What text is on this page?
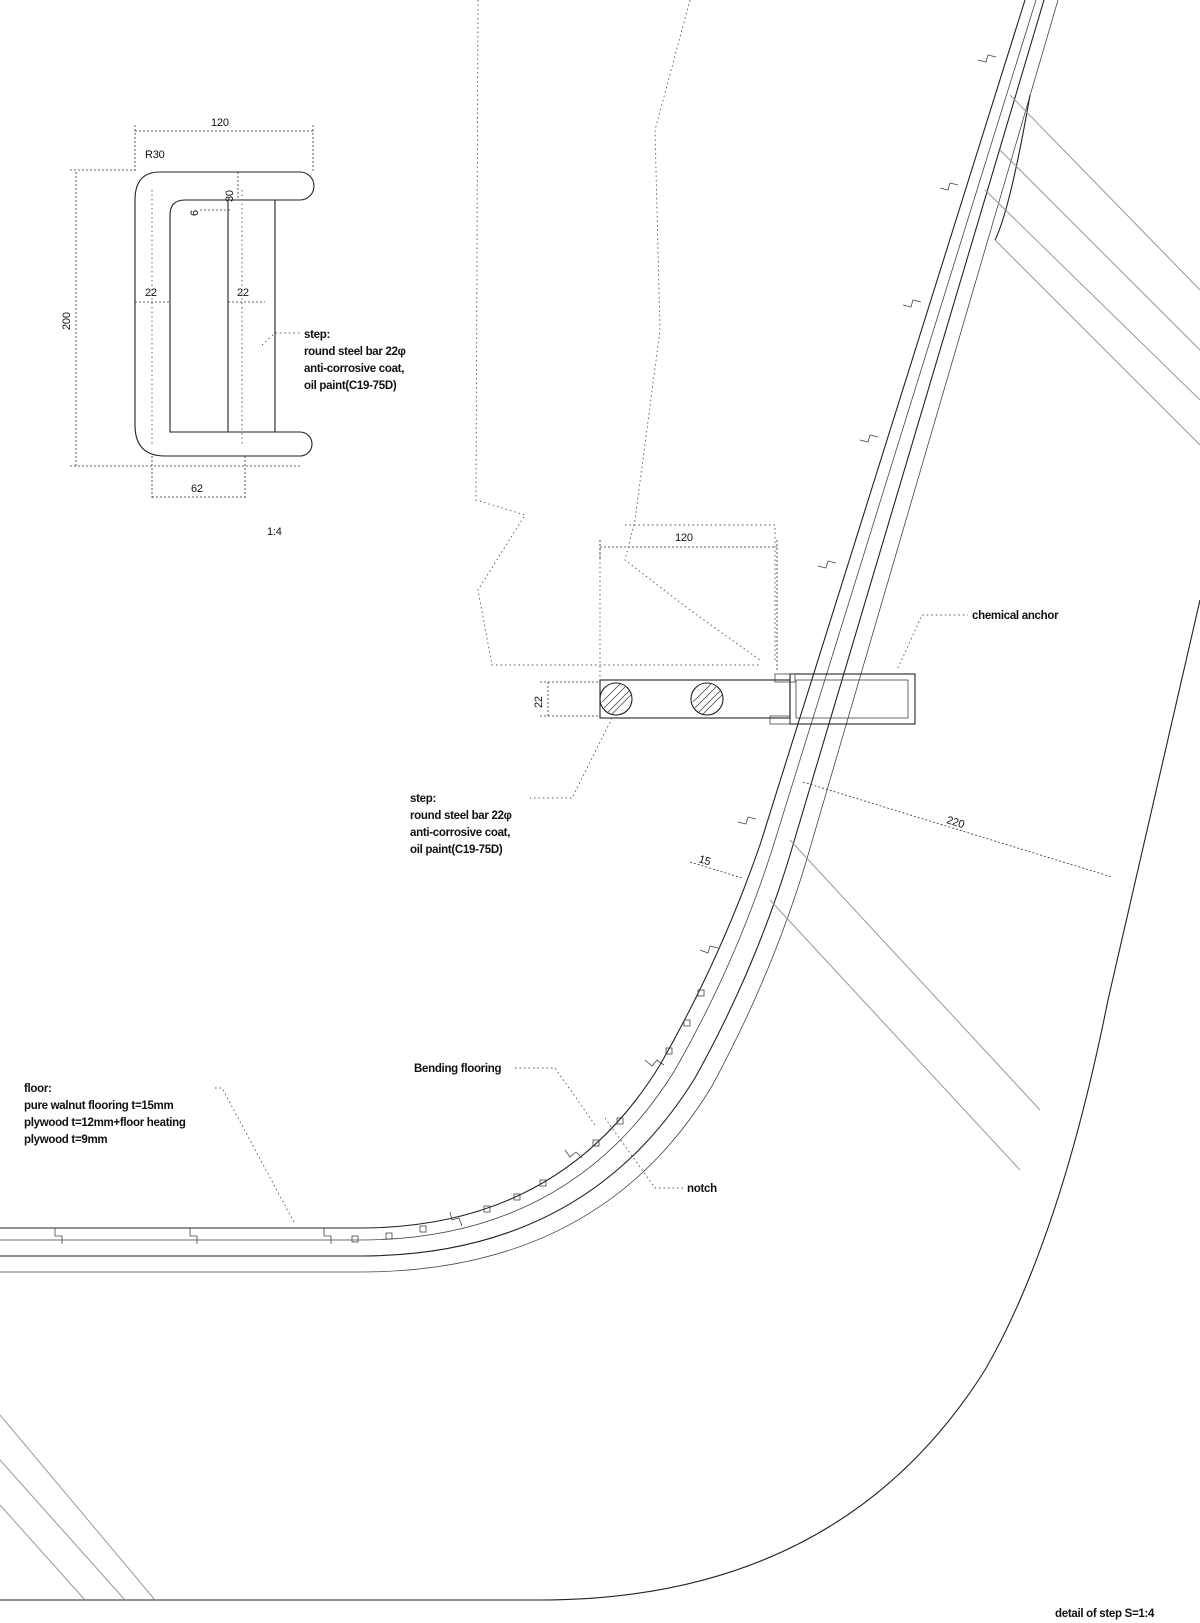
120
R30
200
30
6
22	22
62
1:4
step:
round steel bar 22φ
anti-corrosive coat,
oil paint(C19-75D)
120
22
chemical anchor
220
15
step:
round steel bar 22φ
anti-corrosive coat,
oil paint(C19-75D)
Bending flooring
notch
floor:
pure walnut flooring t=15mm
plywood t=12mm+floor heating
plywood t=9mm
detail of step S=1:4
